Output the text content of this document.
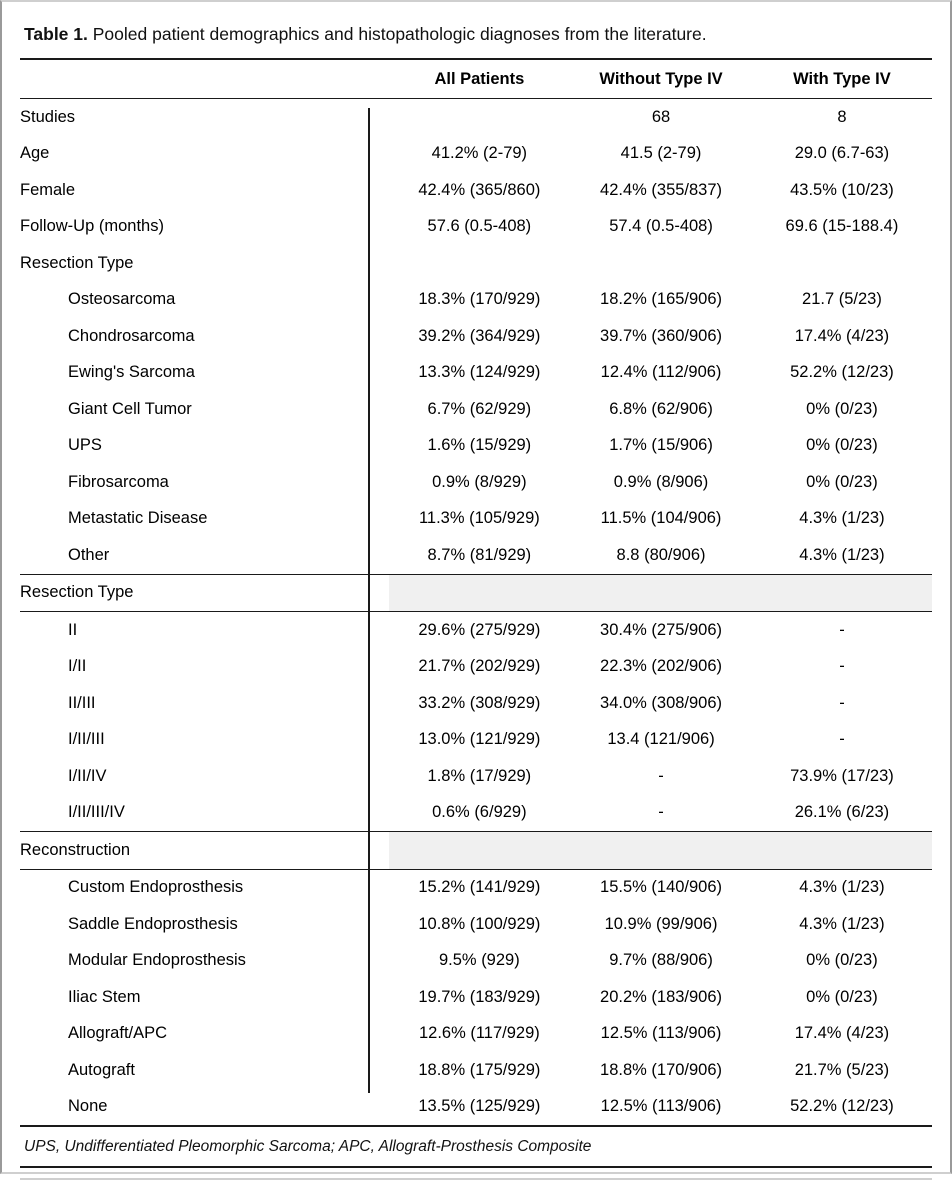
Table 1. Pooled patient demographics and histopathologic diagnoses from the literature.

	All Patients	Without Type IV	With Type IV

Studies		68	8
Age	41.2% (2-79)	41.5 (2-79)	29.0 (6.7-63)
Female	42.4% (365/860)	42.4% (355/837)	43.5% (10/23)
Follow-Up (months)	57.6 (0.5-408)	57.4 (0.5-408)	69.6 (15-188.4)
Resection Type			
Osteosarcoma	18.3% (170/929)	18.2% (165/906)	21.7 (5/23)
Chondrosarcoma	39.2% (364/929)	39.7% (360/906)	17.4% (4/23)
Ewing's Sarcoma	13.3% (124/929)	12.4% (112/906)	52.2% (12/23)
Giant Cell Tumor	6.7% (62/929)	6.8% (62/906)	0% (0/23)
UPS	1.6% (15/929)	1.7% (15/906)	0% (0/23)
Fibrosarcoma	0.9% (8/929)	0.9% (8/906)	0% (0/23)
Metastatic Disease	11.3% (105/929)	11.5% (104/906)	4.3% (1/23)
Other	8.7% (81/929)	8.8 (80/906)	4.3% (1/23)

Resection Type			

II	29.6% (275/929)	30.4% (275/906)	-
I/II	21.7% (202/929)	22.3% (202/906)	-
II/III	33.2% (308/929)	34.0% (308/906)	-
I/II/III	13.0% (121/929)	13.4 (121/906)	-
I/II/IV	1.8% (17/929)	-	73.9% (17/23)
I/II/III/IV	0.6% (6/929)	-	26.1% (6/23)

Reconstruction			

Custom Endoprosthesis	15.2% (141/929)	15.5% (140/906)	4.3% (1/23)
Saddle Endoprosthesis	10.8% (100/929)	10.9% (99/906)	4.3% (1/23)
Modular Endoprosthesis	9.5% (929)	9.7% (88/906)	0% (0/23)
Iliac Stem	19.7% (183/929)	20.2% (183/906)	0% (0/23)
Allograft/APC	12.6% (117/929)	12.5% (113/906)	17.4% (4/23)
Autograft	18.8% (175/929)	18.8% (170/906)	21.7% (5/23)
None	13.5% (125/929)	12.5% (113/906)	52.2% (12/23)
UPS, Undifferentiated Pleomorphic Sarcoma; APC, Allograft-Prosthesis Composite
